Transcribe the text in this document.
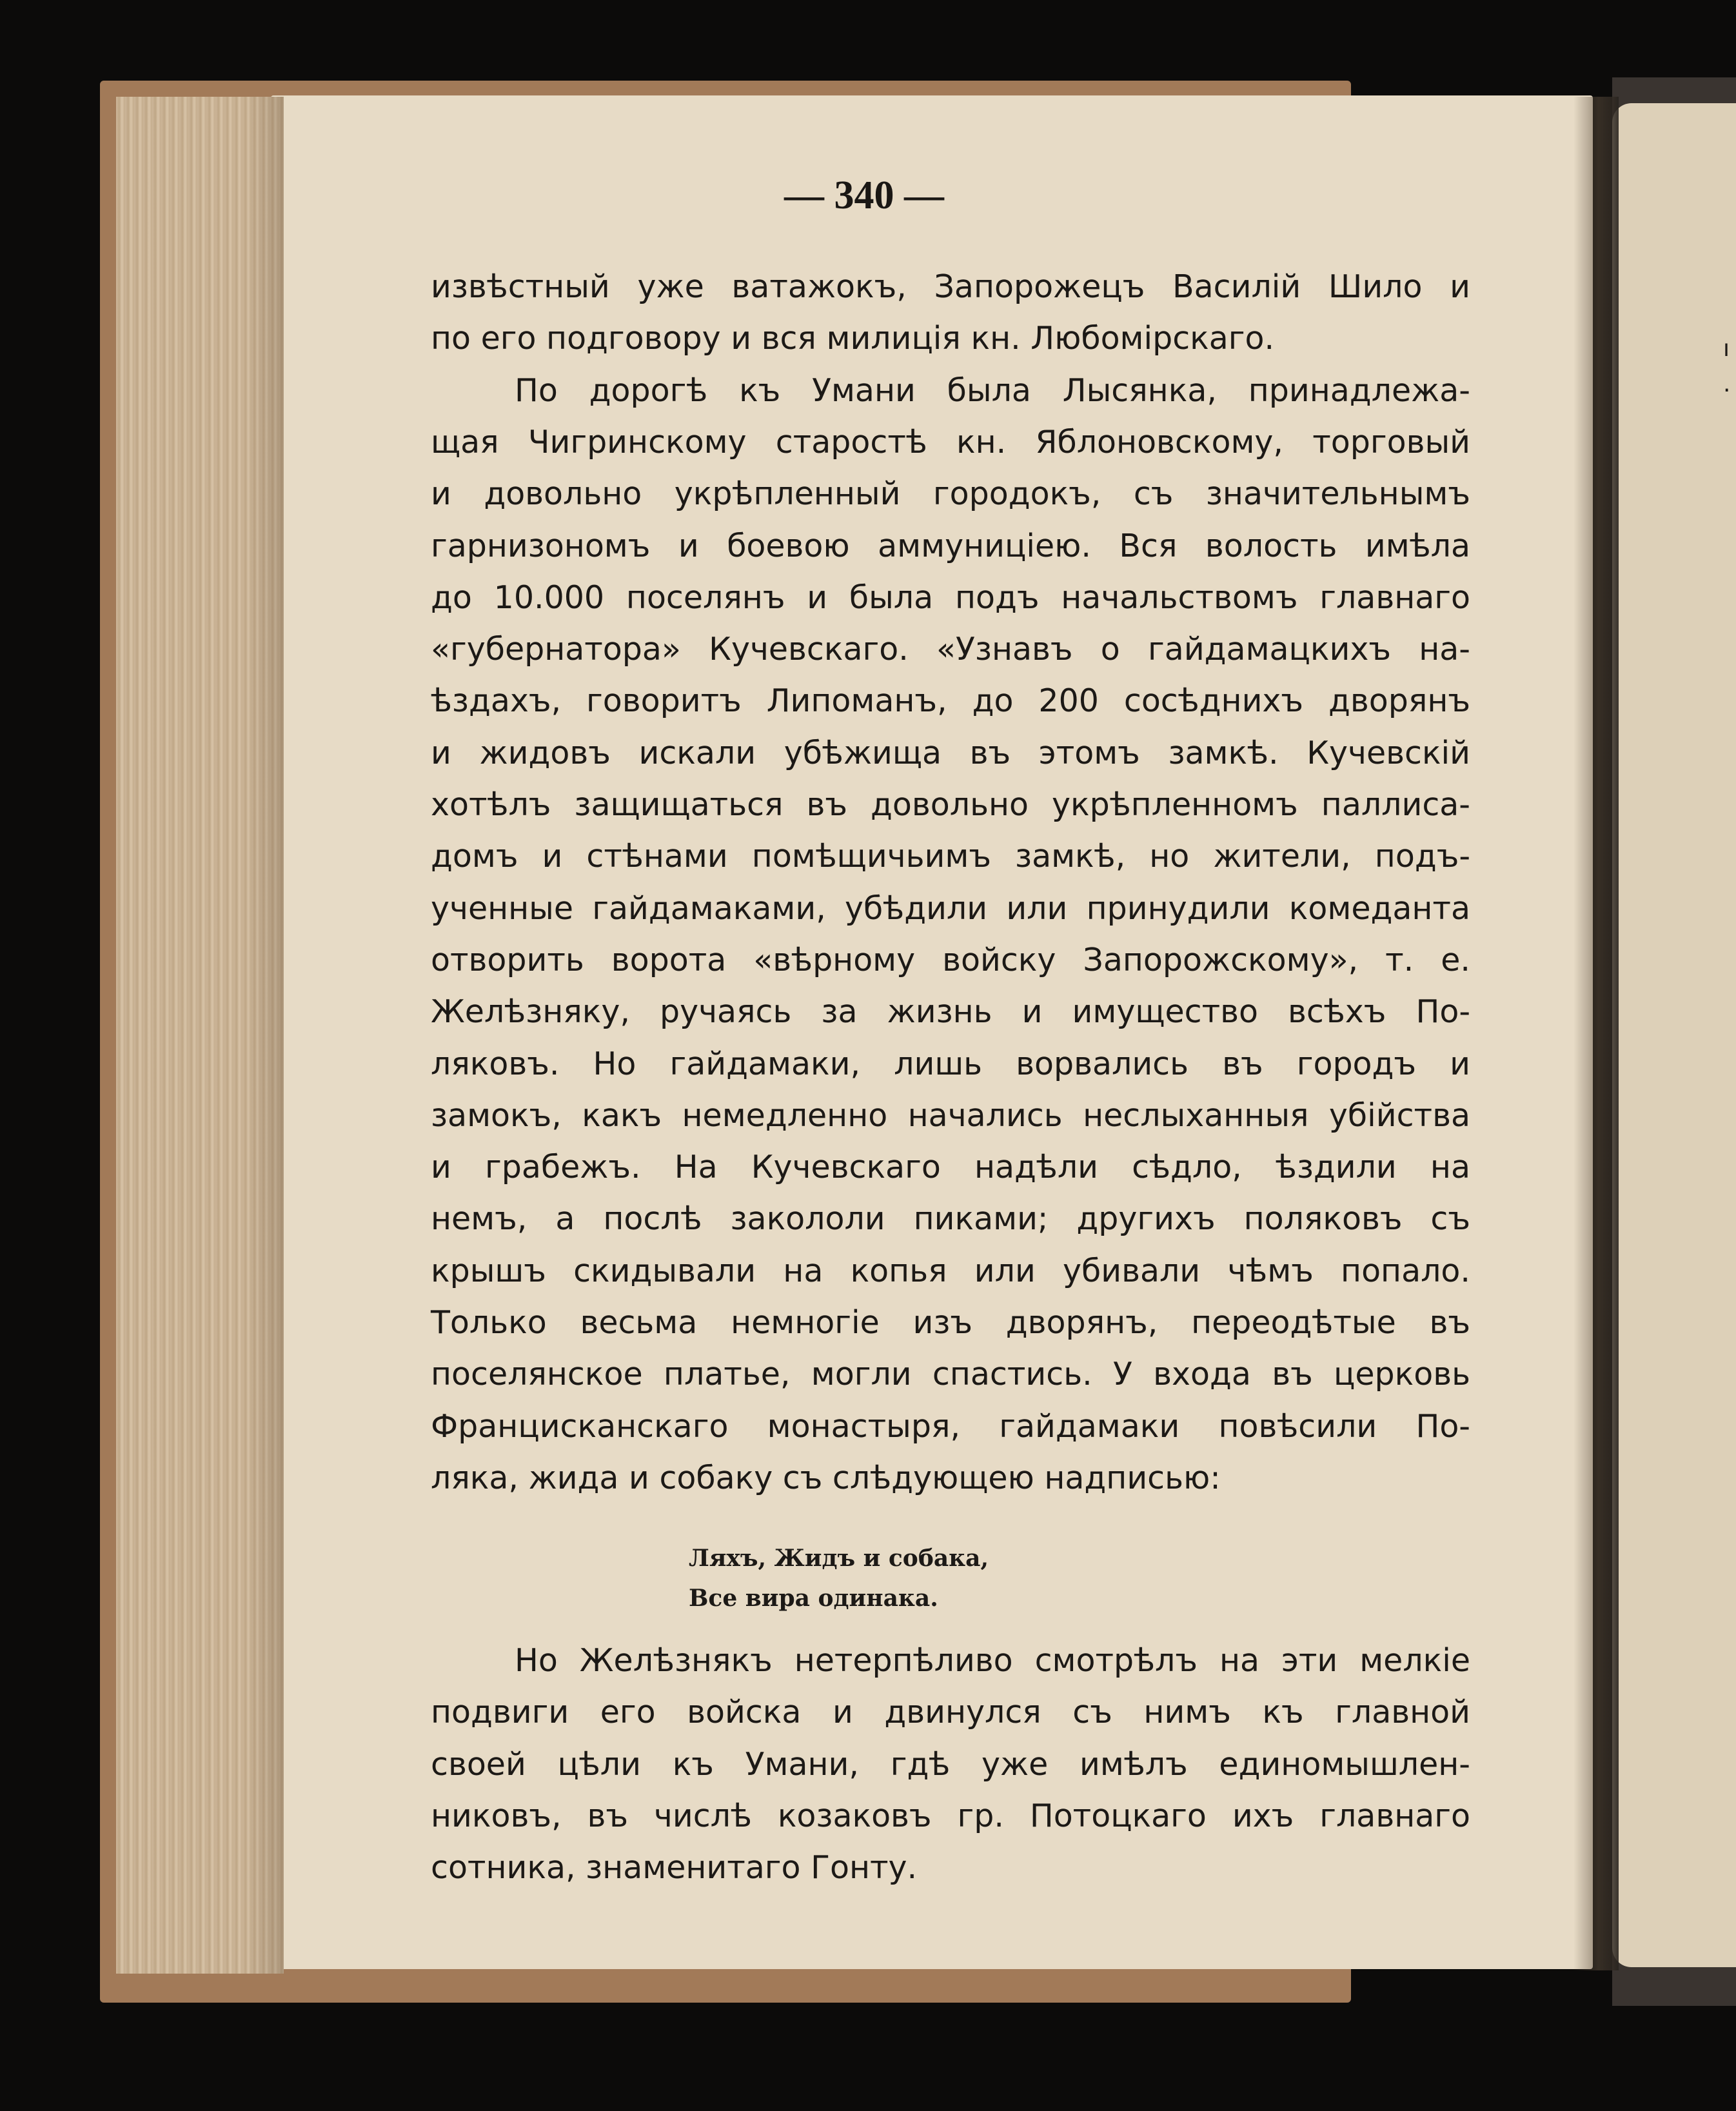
— 340 —
извѣстный уже ватажокъ, Запорожецъ Василій Шило и
по его подговору и вся милиція кн. Любомірскаго.
По дорогѣ къ Умани была Лысянка, принадлежа-
щая Чигринскому старостѣ кн. Яблоновскому, торговый
и довольно укрѣпленный городокъ, съ значительнымъ
гарнизономъ и боевою аммуниціею. Вся волость имѣла
до 10.000 поселянъ и была подъ начальствомъ главнаго
«губернатора» Кучевскаго. «Узнавъ о гайдамацкихъ на-
ѣздахъ, говоритъ Липоманъ, до 200 сосѣднихъ дворянъ
и жидовъ искали убѣжища въ этомъ замкѣ. Кучевскій
хотѣлъ защищаться въ довольно укрѣпленномъ паллиса-
домъ и стѣнами помѣщичьимъ замкѣ, но жители, подъ-
ученные гайдамаками, убѣдили или принудили комеданта
отворить ворота «вѣрному войску Запорожскому», т. е.
Желѣзняку, ручаясь за жизнь и имущество всѣхъ По-
ляковъ. Но гайдамаки, лишь ворвались въ городъ и
замокъ, какъ немедленно начались неслыханныя убійства
и грабежъ. На Кучевскаго надѣли сѣдло, ѣздили на
немъ, а послѣ закололи пиками; другихъ поляковъ съ
крышъ скидывали на копья или убивали чѣмъ попало.
Только весьма немногіе изъ дворянъ, переодѣтые въ
поселянское платье, могли спастись. У входа въ церковь
Францисканскаго монастыря, гайдамаки повѣсили По-
ляка, жида и собаку съ слѣдующею надписью:
Ляхъ, Жидъ и собака,
Все вира одинака.
Но Желѣзнякъ нетерпѣливо смотрѣлъ на эти мелкіе
подвиги его войска и двинулся съ нимъ къ главной
своей цѣли къ Умани, гдѣ уже имѣлъ единомышлен-
никовъ, въ числѣ козаковъ гр. Потоцкаго ихъ главнаго
сотника, знаменитаго Гонту.
ı
·
